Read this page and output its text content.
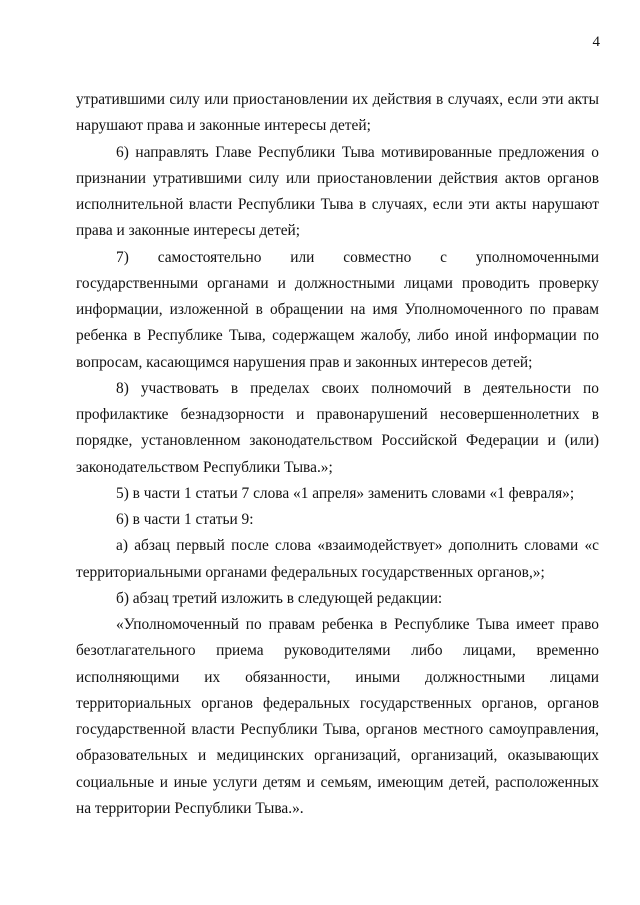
4

утратившими силу или приостановлении их действия в случаях, если эти акты нарушают права и законные интересы детей;

6) направлять Главе Республики Тыва мотивированные предложения о признании утратившими силу или приостановлении действия актов органов исполнительной власти Республики Тыва в случаях, если эти акты нарушают права и законные интересы детей;

7) самостоятельно или совместно с уполномоченными государственными органами и должностными лицами проводить проверку информации, изложенной в обращении на имя Уполномоченного по правам ребенка в Республике Тыва, содержащем жалобу, либо иной информации по вопросам, касающимся нарушения прав и законных интересов детей;

8) участвовать в пределах своих полномочий в деятельности по профилактике безнадзорности и правонарушений несовершеннолетних в порядке, установленном законодательством Российской Федерации и (или) законодательством Республики Тыва.»;

5) в части 1 статьи 7 слова «1 апреля» заменить словами «1 февраля»;

6) в части 1 статьи 9:

а) абзац первый после слова «взаимодействует» дополнить словами «с территориальными органами федеральных государственных органов,»;

б) абзац третий изложить в следующей редакции:

«Уполномоченный по правам ребенка в Республике Тыва имеет право безотлагательного приема руководителями либо лицами, временно исполняющими их обязанности, иными должностными лицами территориальных органов федеральных государственных органов, органов государственной власти Республики Тыва, органов местного самоуправления, образовательных и медицинских организаций, организаций, оказывающих социальные и иные услуги детям и семьям, имеющим детей, расположенных на территории Республики Тыва.».
